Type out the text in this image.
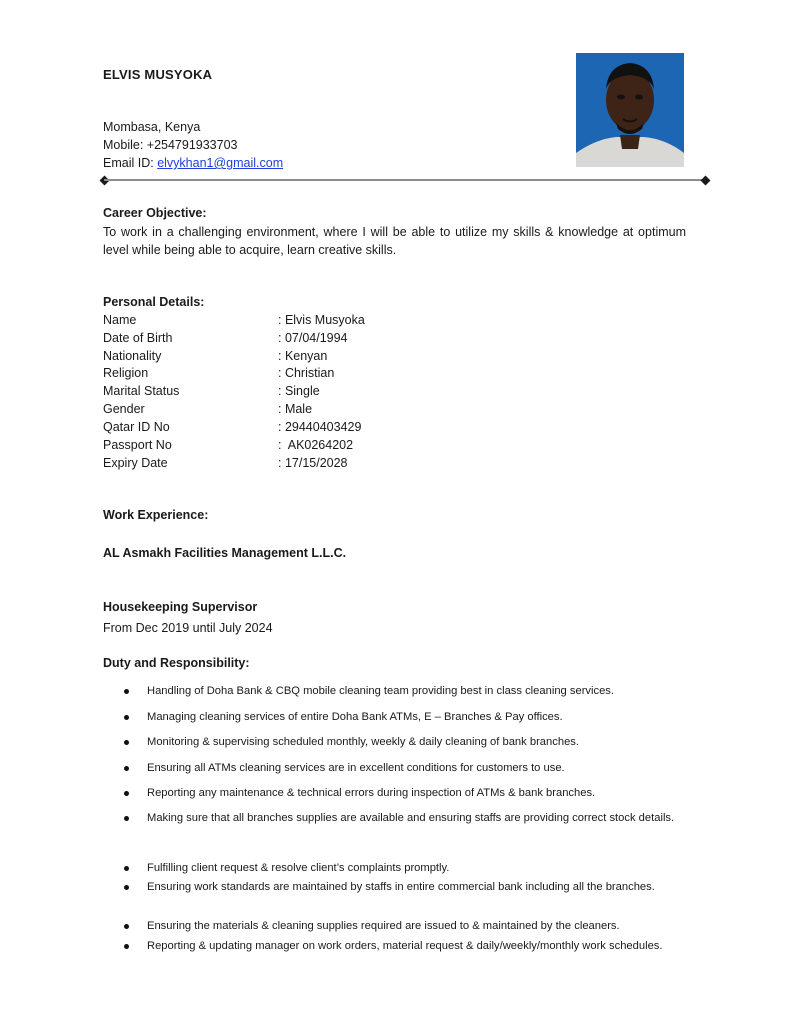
ELVIS MUSYOKA
Mombasa, Kenya
Mobile: +254791933703
Email ID: elvykhan1@gmail.com
Career Objective:
To work in a challenging environment, where I will be able to utilize my skills & knowledge at optimum level while being able to acquire, learn creative skills.
Personal Details:
Name	: Elvis Musyoka
Date of Birth	: 07/04/1994
Nationality	: Kenyan
Religion	: Christian
Marital Status	: Single
Gender	: Male
Qatar ID No	: 29440403429
Passport No	:  AK0264202
Expiry Date	: 17/15/2028
Work Experience:
AL Asmakh Facilities Management L.L.C.
Housekeeping Supervisor
From Dec 2019 until July 2024
Duty and Responsibility:
Handling of Doha Bank & CBQ mobile cleaning team providing best in class cleaning services.
Managing cleaning services of entire Doha Bank ATMs, E – Branches & Pay offices.
Monitoring & supervising scheduled monthly, weekly & daily cleaning of bank branches.
Ensuring all ATMs cleaning services are in excellent conditions for customers to use.
Reporting any maintenance & technical errors during inspection of ATMs & bank branches.
Making sure that all branches supplies are available and ensuring staffs are providing correct stock details.
Fulfilling client request & resolve client’s complaints promptly.
Ensuring work standards are maintained by staffs in entire commercial bank including all the branches.
Ensuring the materials & cleaning supplies required are issued to & maintained by the cleaners.
Reporting & updating manager on work orders, material request & daily/weekly/monthly work schedules.
